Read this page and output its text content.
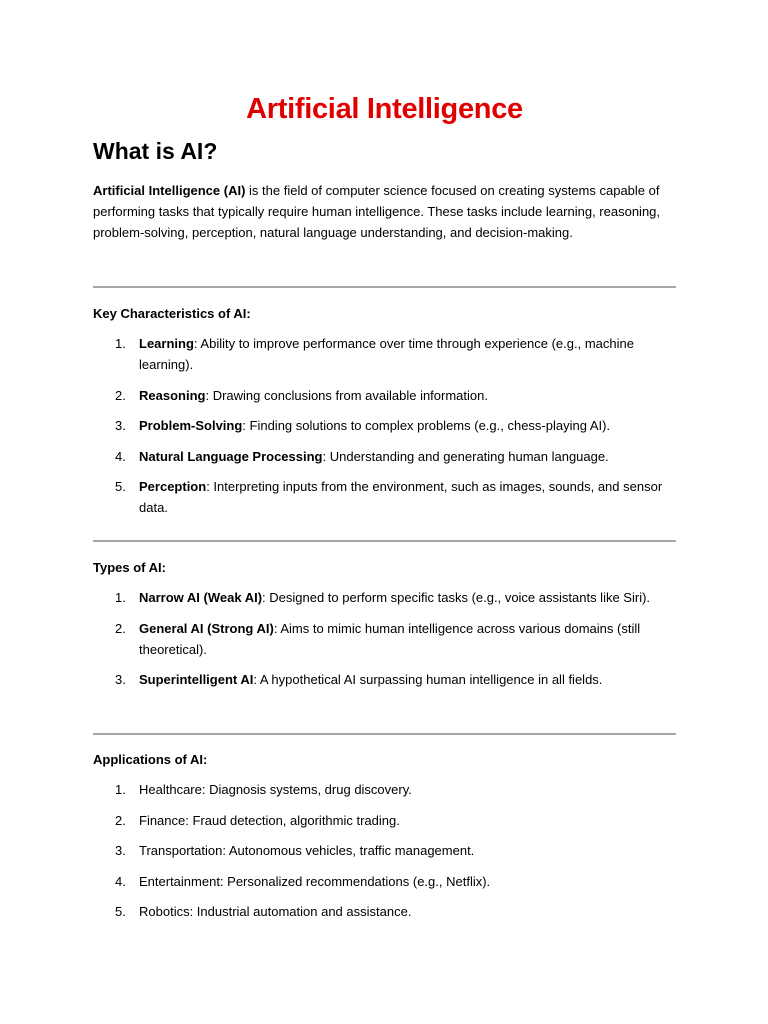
Artificial Intelligence
What is AI?

Artificial Intelligence (AI) is the field of computer science focused on creating systems capable of performing tasks that typically require human intelligence. These tasks include learning, reasoning, problem-solving, perception, natural language understanding, and decision-making.

Key Characteristics of AI:

1. Learning: Ability to improve performance over time through experience (e.g., machine learning).
2. Reasoning: Drawing conclusions from available information.
3. Problem-Solving: Finding solutions to complex problems (e.g., chess-playing AI).
4. Natural Language Processing: Understanding and generating human language.
5. Perception: Interpreting inputs from the environment, such as images, sounds, and sensor data.

Types of AI:

1. Narrow AI (Weak AI): Designed to perform specific tasks (e.g., voice assistants like Siri).
2. General AI (Strong AI): Aims to mimic human intelligence across various domains (still theoretical).
3. Superintelligent AI: A hypothetical AI surpassing human intelligence in all fields.

Applications of AI:

1. Healthcare: Diagnosis systems, drug discovery.
2. Finance: Fraud detection, algorithmic trading.
3. Transportation: Autonomous vehicles, traffic management.
4. Entertainment: Personalized recommendations (e.g., Netflix).
5. Robotics: Industrial automation and assistance.
